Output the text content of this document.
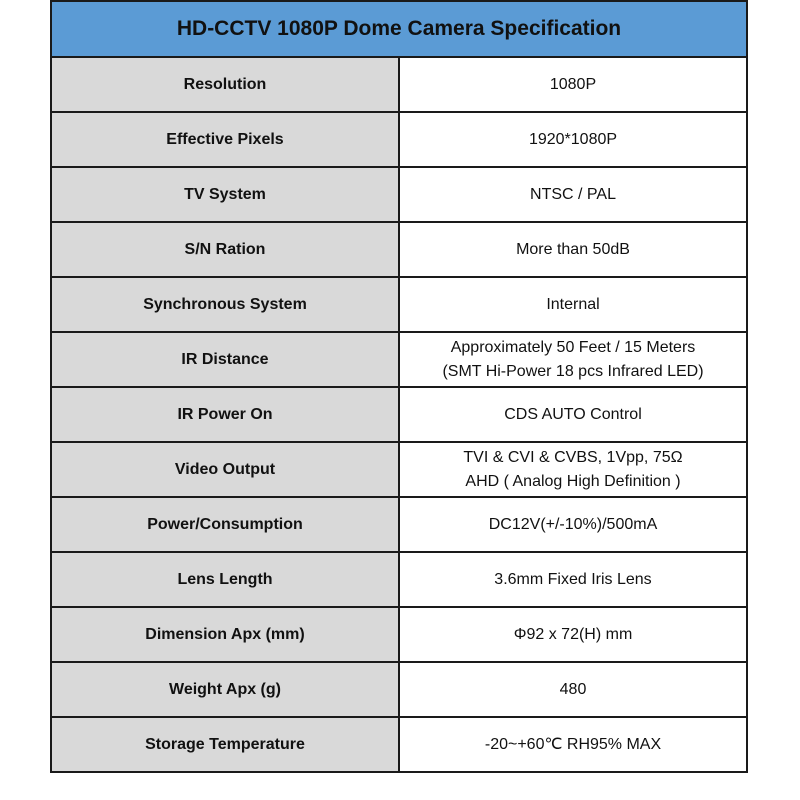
HD-CCTV 1080P Dome Camera Specification	
Resolution	1080P

Effective Pixels	1920*1080P

TV System	NTSC / PAL

S/N Ration	More than 50dB

Synchronous System	Internal

IR Distance	Approximately 50 Feet / 15 Meters
(SMT Hi-Power 18 pcs Infrared LED)

IR Power On	CDS AUTO Control

Video Output	TVI & CVI & CVBS, 1Vpp, 75Ω
AHD ( Analog High Definition )

Power/Consumption	DC12V(+/-10%)/500mA

Lens Length	3.6mm Fixed Iris Lens

Dimension Apx (mm)	Φ92 x 72(H) mm

Weight Apx (g)	480

Storage Temperature	-20~+60℃ RH95% MAX
